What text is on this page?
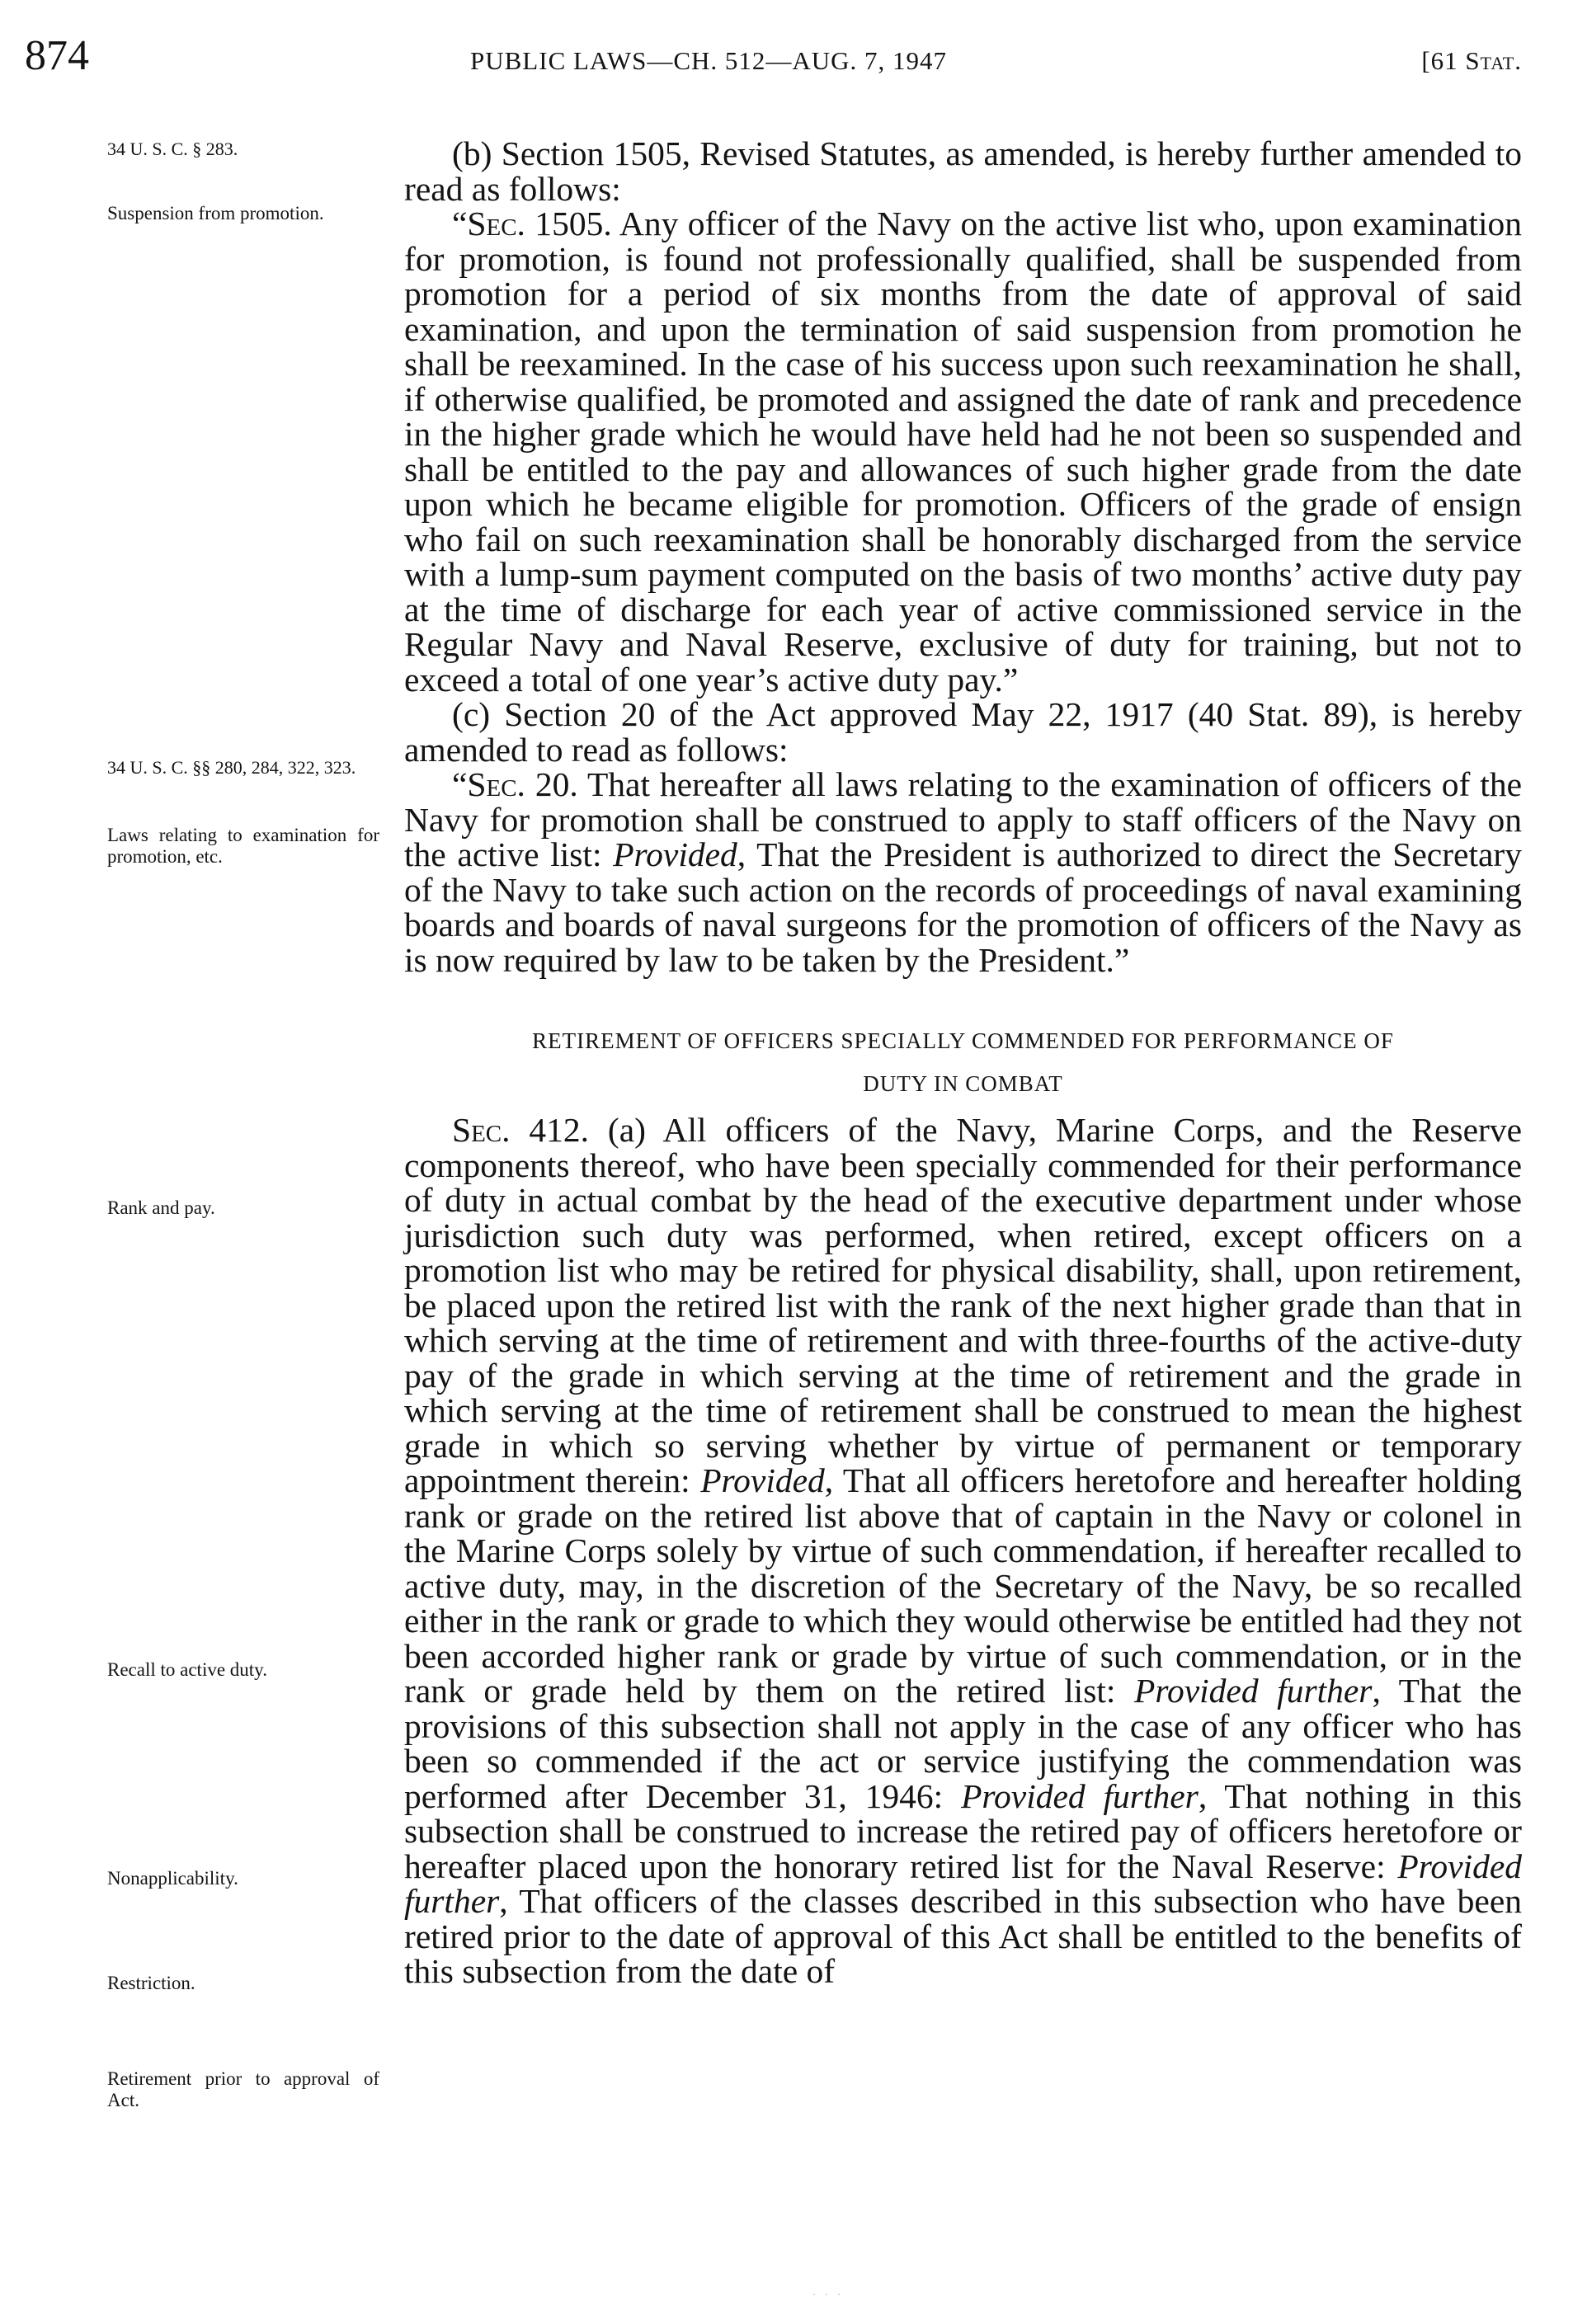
874	PUBLIC LAWS—CH. 512—AUG. 7, 1947	[61 Stat.
34 U. S. C. § 283.
Suspension from promotion.
34 U. S. C. §§ 280, 284, 322, 323.
Laws relating to examination for promotion, etc.
Rank and pay.
Recall to active duty.
Nonapplicability.
Restriction.
Retirement prior to approval of Act.

(b) Section 1505, Revised Statutes, as amended, is hereby further amended to read as follows:

“Sec. 1505. Any officer of the Navy on the active list who, upon examination for promotion, is found not professionally qualified, shall be suspended from promotion for a period of six months from the date of approval of said examination, and upon the termination of said suspension from promotion he shall be reexamined. In the case of his success upon such reexamination he shall, if otherwise qualified, be promoted and assigned the date of rank and precedence in the higher grade which he would have held had he not been so suspended and shall be entitled to the pay and allowances of such higher grade from the date upon which he became eligible for promotion. Officers of the grade of ensign who fail on such reexamination shall be honorably discharged from the service with a lump-sum payment computed on the basis of two months’ active duty pay at the time of discharge for each year of active commissioned service in the Regular Navy and Naval Reserve, exclusive of duty for training, but not to exceed a total of one year’s active duty pay.”

(c) Section 20 of the Act approved May 22, 1917 (40 Stat. 89), is hereby amended to read as follows:

“Sec. 20. That hereafter all laws relating to the examination of officers of the Navy for promotion shall be construed to apply to staff officers of the Navy on the active list: Provided, That the President is authorized to direct the Secretary of the Navy to take such action on the records of proceedings of naval examining boards and boards of naval surgeons for the promotion of officers of the Navy as is now required by law to be taken by the President.”

RETIREMENT OF OFFICERS SPECIALLY COMMENDED FOR PERFORMANCE OF
DUTY IN COMBAT

Sec. 412. (a) All officers of the Navy, Marine Corps, and the Reserve components thereof, who have been specially commended for their performance of duty in actual combat by the head of the executive department under whose jurisdiction such duty was performed, when retired, except officers on a promotion list who may be retired for physical disability, shall, upon retirement, be placed upon the retired list with the rank of the next higher grade than that in which serving at the time of retirement and with three-fourths of the active-duty pay of the grade in which serving at the time of retirement and the grade in which serving at the time of retirement shall be construed to mean the highest grade in which so serving whether by virtue of permanent or temporary appointment therein: Provided, That all officers heretofore and hereafter holding rank or grade on the retired list above that of captain in the Navy or colonel in the Marine Corps solely by virtue of such commendation, if hereafter recalled to active duty, may, in the discretion of the Secretary of the Navy, be so recalled either in the rank or grade to which they would otherwise be entitled had they not been accorded higher rank or grade by virtue of such commendation, or in the rank or grade held by them on the retired list: Provided further, That the provisions of this subsection shall not apply in the case of any officer who has been so commended if the act or service justifying the commendation was performed after December 31, 1946: Provided further, That nothing in this subsection shall be construed to increase the retired pay of officers heretofore or hereafter placed upon the honorary retired list for the Naval Reserve: Provided further, That officers of the classes described in this subsection who have been retired prior to the date of approval of this Act shall be entitled to the benefits of this subsection from the date of

· · ·
